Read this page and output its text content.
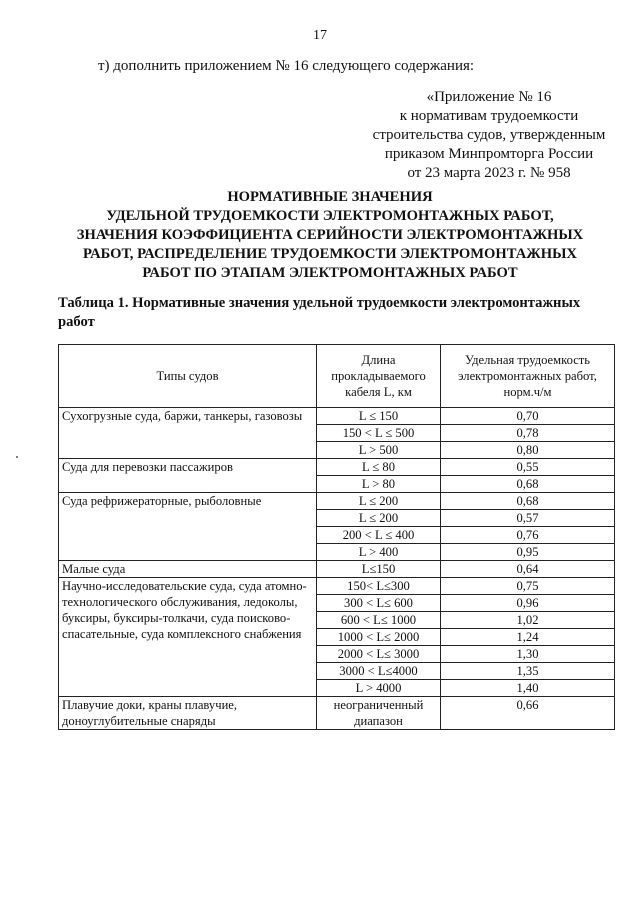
17
т) дополнить приложением № 16 следующего содержания:
«Приложение № 16
к нормативам трудоемкости
строительства судов, утвержденным
приказом Минпромторга России
от 23 марта 2023 г. № 958
НОРМАТИВНЫЕ ЗНАЧЕНИЯ
УДЕЛЬНОЙ ТРУДОЕМКОСТИ ЭЛЕКТРОМОНТАЖНЫХ РАБОТ,
ЗНАЧЕНИЯ КОЭФФИЦИЕНТА СЕРИЙНОСТИ ЭЛЕКТРОМОНТАЖНЫХ
РАБОТ, РАСПРЕДЕЛЕНИЕ ТРУДОЕМКОСТИ ЭЛЕКТРОМОНТАЖНЫХ
РАБОТ ПО ЭТАПАМ ЭЛЕКТРОМОНТАЖНЫХ РАБОТ
Таблица 1. Нормативные значения удельной трудоемкости электромонтажных работ
Типы судов	Длина прокладываемого кабеля L, км	Удельная трудоемкость электромонтажных работ, норм.ч/м
Сухогрузные суда, баржи, танкеры, газовозы	L ≤ 150	0,70
	150 < L ≤ 500	0,78
	L > 500	0,80
Суда для перевозки пассажиров	L ≤ 80	0,55
	L > 80	0,68
Суда рефрижераторные, рыболовные	L ≤ 200	0,68
	L ≤ 200	0,57
	200 < L ≤ 400	0,76
	L > 400	0,95
Малые суда	L≤150	0,64
Научно-исследовательские суда, суда атомно-технологического обслуживания, ледоколы, буксиры, буксиры-толкачи, суда поисково-спасательные, суда комплексного снабжения	150< L≤300	0,75
	300 < L≤ 600	0,96
	600 < L≤ 1000	1,02
	1000 < L≤ 2000	1,24
	2000 < L≤ 3000	1,30
	3000 < L≤4000	1,35
	L > 4000	1,40
Плавучие доки, краны плавучие, доноуглубительные снаряды	неограниченный диапазон	0,66
